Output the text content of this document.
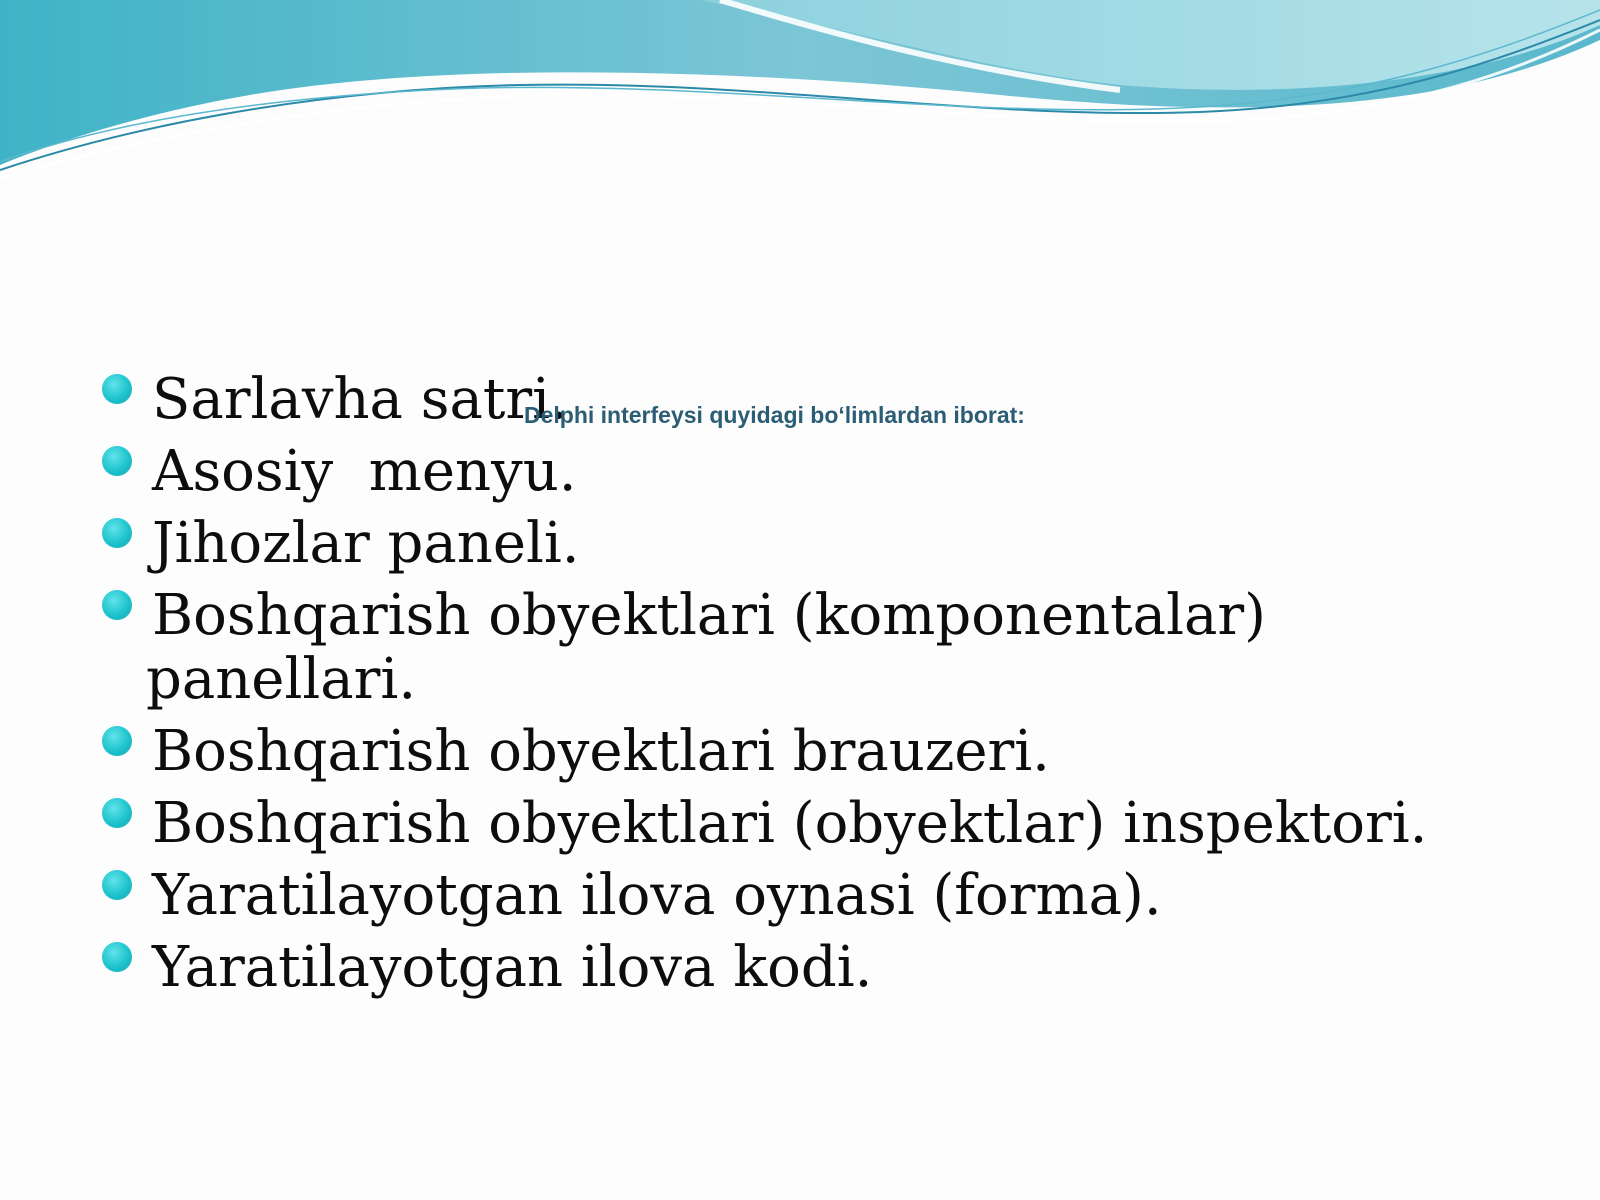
Delphi interfeysi quyidagi bo‘limlardan iborat:
Sarlavha satri.
Asosiy  menyu.
Jihozlar paneli.
Boshqarish obyektlari (komponentalar)
panellari.
Boshqarish obyektlari brauzeri.
Boshqarish obyektlari (obyektlar) inspektori.
Yaratilayotgan ilova oynasi (forma).
Yaratilayotgan ilova kodi.
